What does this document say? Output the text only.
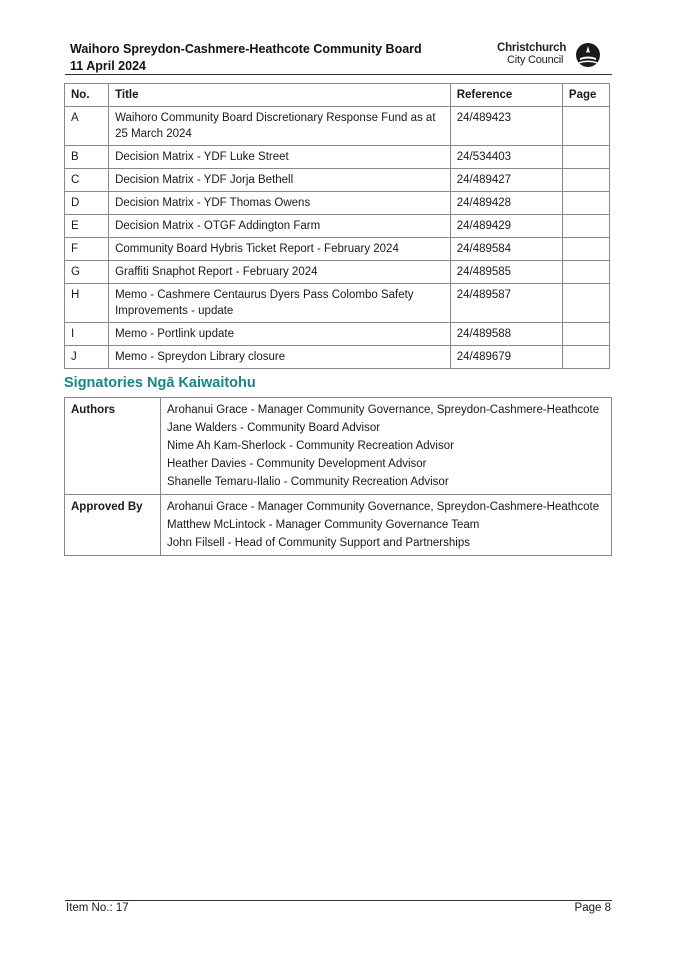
Waihoro Spreydon-Cashmere-Heathcote Community Board
11 April 2024
Christchurch
City Council
No.	Title	Reference	Page
A	Waihoro Community Board Discretionary Response Fund as at 25 March 2024	24/489423	
B	Decision Matrix - YDF Luke Street	24/534403	
C	Decision Matrix - YDF Jorja Bethell	24/489427	
D	Decision Matrix - YDF Thomas Owens	24/489428	
E	Decision Matrix - OTGF Addington Farm	24/489429	
F	Community Board Hybris Ticket Report - February 2024	24/489584	
G	Graffiti Snaphot Report - February 2024	24/489585	
H	Memo - Cashmere Centaurus Dyers Pass Colombo Safety Improvements - update	24/489587	
I	Memo - Portlink update	24/489588	
J	Memo - Spreydon Library closure	24/489679	
Signatories Ngā Kaiwaitohu
Authors	Arohanui Grace - Manager Community Governance, Spreydon-Cashmere-Heathcote
Jane Walders - Community Board Advisor
Nime Ah Kam-Sherlock - Community Recreation Advisor
Heather Davies - Community Development Advisor
Shanelle Temaru-Ilalio - Community Recreation Advisor

Approved By	Arohanui Grace - Manager Community Governance, Spreydon-Cashmere-Heathcote
Matthew McLintock - Manager Community Governance Team
John Filsell - Head of Community Support and Partnerships
Item No.: 17	Page 8
